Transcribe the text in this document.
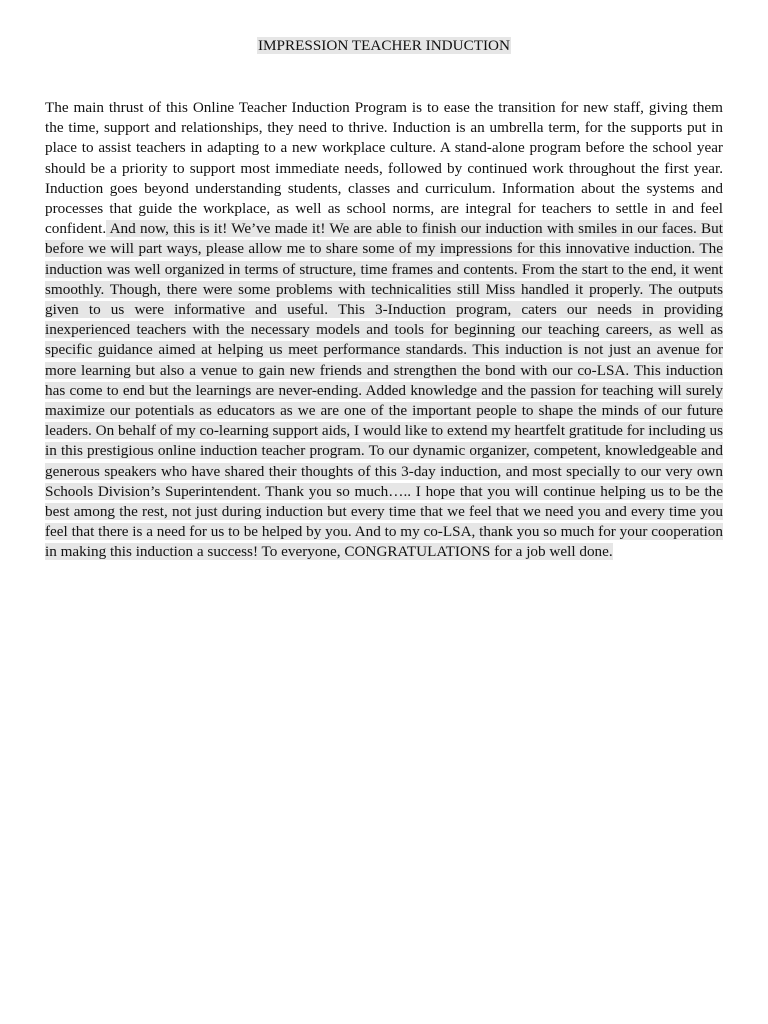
IMPRESSION TEACHER INDUCTION

The main thrust of this Online Teacher Induction Program is to ease the transition for new staff, giving them the time, support and relationships, they need to thrive. Induction is an umbrella term, for the supports put in place to assist teachers in adapting to a new workplace culture. A stand-alone program before the school year should be a priority to support most immediate needs, followed by continued work throughout the first year. Induction goes beyond understanding students, classes and curriculum. Information about the systems and processes that guide the workplace, as well as school norms, are integral for teachers to settle in and feel confident. And now, this is it! We’ve made it! We are able to finish our induction with smiles in our faces. But before we will part ways, please allow me to share some of my impressions for this innovative induction. The induction was well organized in terms of structure, time frames and contents. From the start to the end, it went smoothly. Though, there were some problems with technicalities still Miss handled it properly. The outputs given to us were informative and useful. This 3-Induction program, caters our needs in providing inexperienced teachers with the necessary models and tools for beginning our teaching careers, as well as specific guidance aimed at helping us meet performance standards. This induction is not just an avenue for more learning but also a venue to gain new friends and strengthen the bond with our co-LSA. This induction has come to end but the learnings are never-ending. Added knowledge and the passion for teaching will surely maximize our potentials as educators as we are one of the important people to shape the minds of our future leaders. On behalf of my co-learning support aids, I would like to extend my heartfelt gratitude for including us in this prestigious online induction teacher program. To our dynamic organizer, competent, knowledgeable and generous speakers who have shared their thoughts of this 3-day induction, and most specially to our very own Schools Division’s Superintendent. Thank you so much….. I hope that you will continue helping us to be the best among the rest, not just during induction but every time that we feel that we need you and every time you feel that there is a need for us to be helped by you. And to my co-LSA, thank you so much for your cooperation in making this induction a success! To everyone, CONGRATULATIONS for a job well done.
